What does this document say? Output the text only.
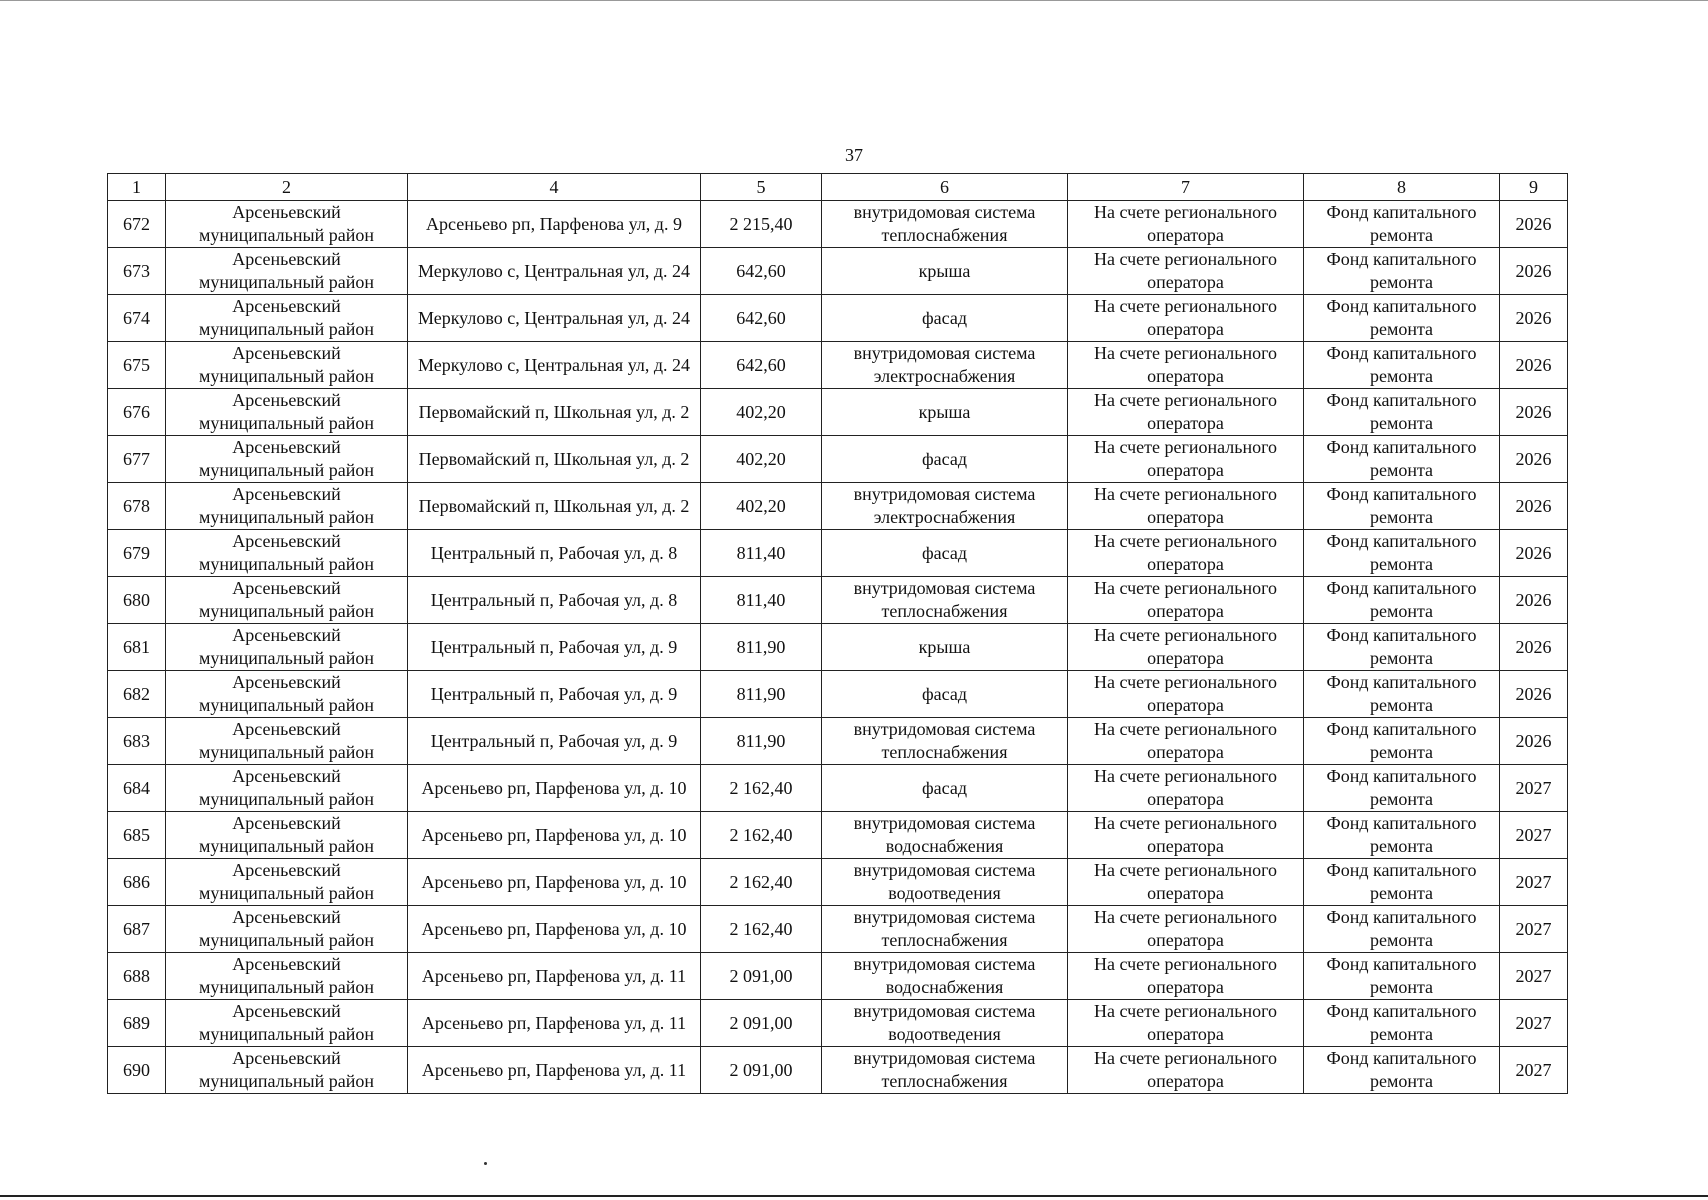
37
1	2	4	5	6	7	8	9
672	Арсеньевский муниципальный район	Арсеньево рп, Парфенова ул, д. 9	2 215,40	внутридомовая система теплоснабжения	На счете регионального оператора	Фонд капитального ремонта	2026
673	Арсеньевский муниципальный район	Меркулово с, Центральная ул, д. 24	642,60	крыша	На счете регионального оператора	Фонд капитального ремонта	2026
674	Арсеньевский муниципальный район	Меркулово с, Центральная ул, д. 24	642,60	фасад	На счете регионального оператора	Фонд капитального ремонта	2026
675	Арсеньевский муниципальный район	Меркулово с, Центральная ул, д. 24	642,60	внутридомовая система электроснабжения	На счете регионального оператора	Фонд капитального ремонта	2026
676	Арсеньевский муниципальный район	Первомайский п, Школьная ул, д. 2	402,20	крыша	На счете регионального оператора	Фонд капитального ремонта	2026
677	Арсеньевский муниципальный район	Первомайский п, Школьная ул, д. 2	402,20	фасад	На счете регионального оператора	Фонд капитального ремонта	2026
678	Арсеньевский муниципальный район	Первомайский п, Школьная ул, д. 2	402,20	внутридомовая система электроснабжения	На счете регионального оператора	Фонд капитального ремонта	2026
679	Арсеньевский муниципальный район	Центральный п, Рабочая ул, д. 8	811,40	фасад	На счете регионального оператора	Фонд капитального ремонта	2026
680	Арсеньевский муниципальный район	Центральный п, Рабочая ул, д. 8	811,40	внутридомовая система теплоснабжения	На счете регионального оператора	Фонд капитального ремонта	2026
681	Арсеньевский муниципальный район	Центральный п, Рабочая ул, д. 9	811,90	крыша	На счете регионального оператора	Фонд капитального ремонта	2026
682	Арсеньевский муниципальный район	Центральный п, Рабочая ул, д. 9	811,90	фасад	На счете регионального оператора	Фонд капитального ремонта	2026
683	Арсеньевский муниципальный район	Центральный п, Рабочая ул, д. 9	811,90	внутридомовая система теплоснабжения	На счете регионального оператора	Фонд капитального ремонта	2026
684	Арсеньевский муниципальный район	Арсеньево рп, Парфенова ул, д. 10	2 162,40	фасад	На счете регионального оператора	Фонд капитального ремонта	2027
685	Арсеньевский муниципальный район	Арсеньево рп, Парфенова ул, д. 10	2 162,40	внутридомовая система водоснабжения	На счете регионального оператора	Фонд капитального ремонта	2027
686	Арсеньевский муниципальный район	Арсеньево рп, Парфенова ул, д. 10	2 162,40	внутридомовая система водоотведения	На счете регионального оператора	Фонд капитального ремонта	2027
687	Арсеньевский муниципальный район	Арсеньево рп, Парфенова ул, д. 10	2 162,40	внутридомовая система теплоснабжения	На счете регионального оператора	Фонд капитального ремонта	2027
688	Арсеньевский муниципальный район	Арсеньево рп, Парфенова ул, д. 11	2 091,00	внутридомовая система водоснабжения	На счете регионального оператора	Фонд капитального ремонта	2027
689	Арсеньевский муниципальный район	Арсеньево рп, Парфенова ул, д. 11	2 091,00	внутридомовая система водоотведения	На счете регионального оператора	Фонд капитального ремонта	2027
690	Арсеньевский муниципальный район	Арсеньево рп, Парфенова ул, д. 11	2 091,00	внутридомовая система теплоснабжения	На счете регионального оператора	Фонд капитального ремонта	2027
